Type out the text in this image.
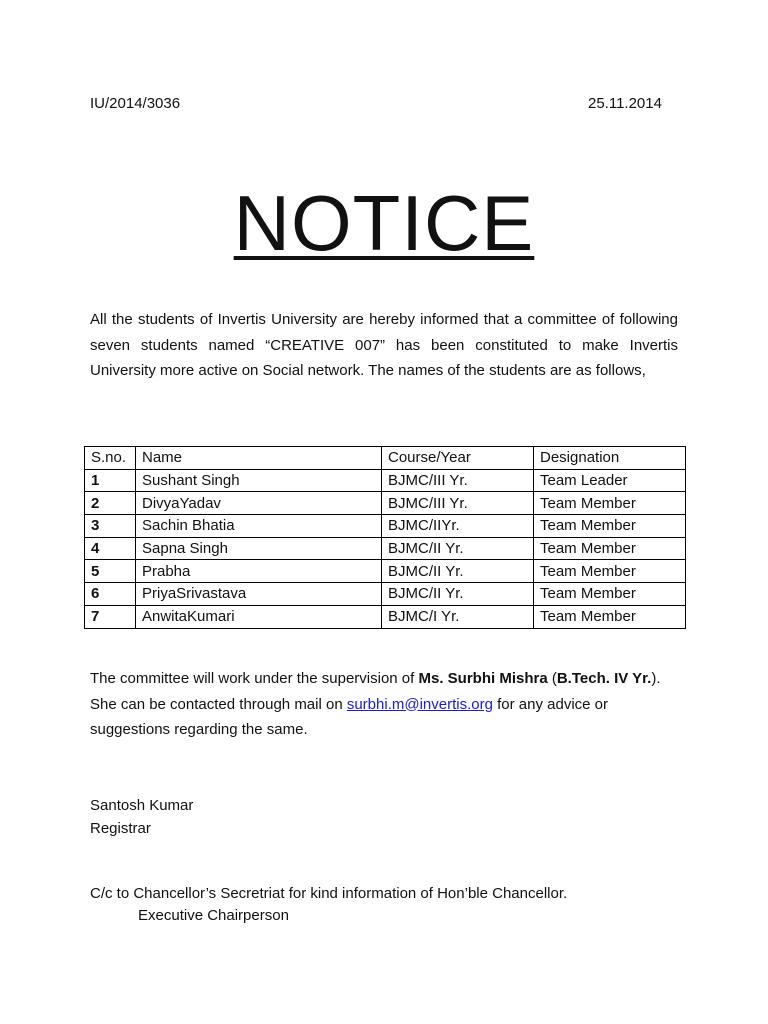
IU/2014/3036	25.11.2014
NOTICE

All the students of Invertis University are hereby informed that a committee of following seven students named “CREATIVE 007” has been constituted to make Invertis University more active on Social network. The names of the students are as follows,

S.no.	Name	Course/Year	Designation
1	Sushant Singh	BJMC/III Yr.	Team Leader
2	DivyaYadav	BJMC/III Yr.	Team Member
3	Sachin Bhatia	BJMC/IIYr.	Team Member
4	Sapna Singh	BJMC/II Yr.	Team Member
5	Prabha	BJMC/II Yr.	Team Member
6	PriyaSrivastava	BJMC/II Yr.	Team Member
7	AnwitaKumari	BJMC/I Yr.	Team Member

The committee will work under the supervision of Ms. Surbhi Mishra (B.Tech. IV Yr.). She can be contacted through mail on surbhi.m@invertis.org for any advice or suggestions regarding the same.

Santosh Kumar
Registrar
C/c to Chancellor’s Secretriat for kind information of Hon’ble Chancellor.
Executive Chairperson
